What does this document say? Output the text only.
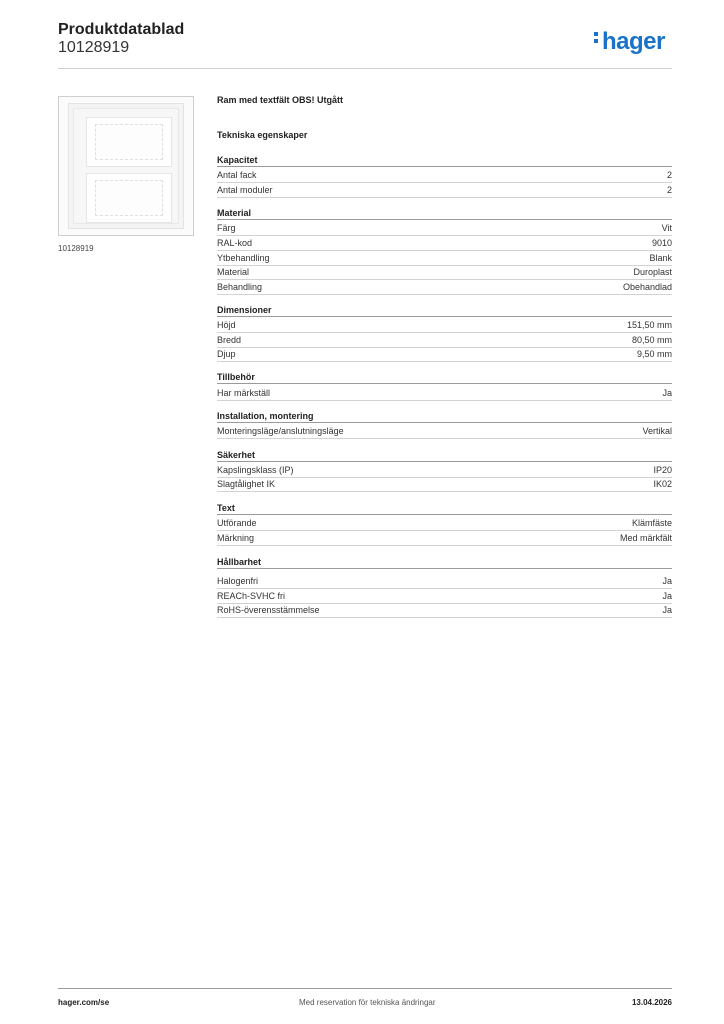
Produktdatablad
10128919	hager
10128919
Ram med textfält OBS! Utgått
Tekniska egenskaper
Kapacitet
Antal fack	2
Antal moduler	2
Material
Färg	Vit
RAL-kod	9010
Ytbehandling	Blank
Material	Duroplast
Behandling	Obehandlad
Dimensioner
Höjd	151,50 mm
Bredd	80,50 mm
Djup	9,50 mm
Tillbehör
Har märkställ	Ja
Installation, montering
Monteringsläge/anslutningsläge	Vertikal
Säkerhet
Kapslingsklass (IP)	IP20
Slagtålighet IK	IK02
Text
Utförande	Klämfäste
Märkning	Med märkfält
Hållbarhet
Halogenfri	Ja
REACh-SVHC fri	Ja
RoHS-överensstämmelse	Ja
hager.com/se	Med reservation för tekniska ändringar	13.04.2026
